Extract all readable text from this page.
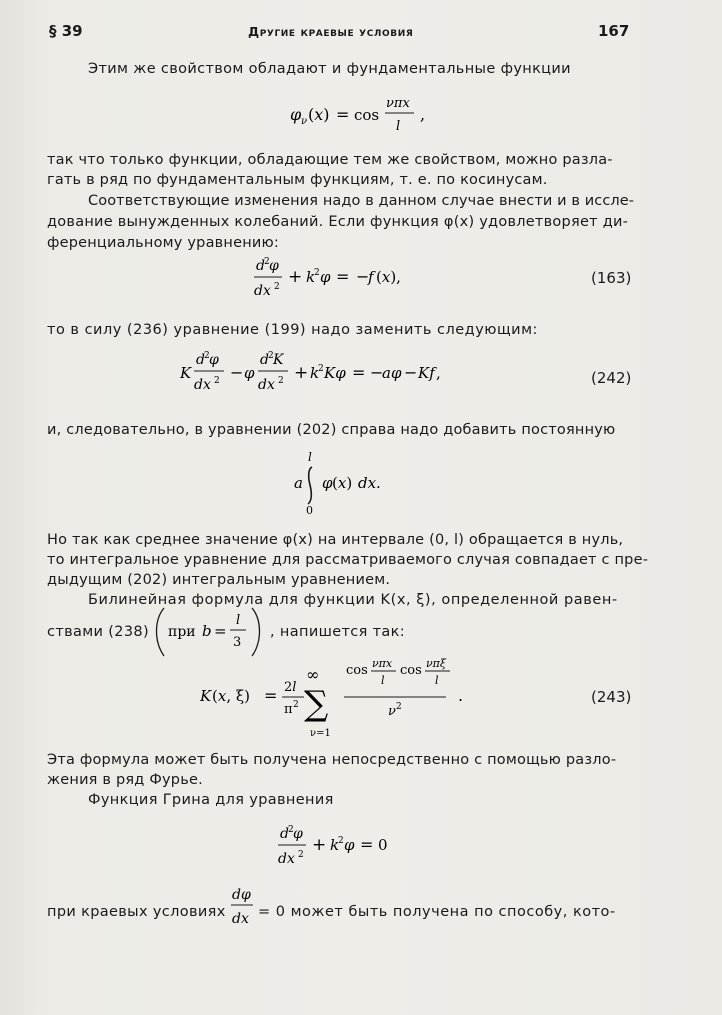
§ 39	Другие краевые условия	167
Этим же свойством обладают и фундаментальные функции
φ ν (x) = cos
νπx
l
,
так что только функции, обладающие тем же свойством, можно разла-
гать в ряд по фундаментальным функциям, т. е. по косинусам.
Соответствующие изменения надо в данном случае внести и в исслe-
дование вынужденных колебаний. Если функция φ(x) удовлетворяет ди-
ференциальному уравнению:
d 2 φ
dx 2 + k
2 φ = −
f (x),	(163)
то в силу (236) уравнение (199) надо заменить следующим:
K
d 2 φ
dx 2 − φ
d 2 K
dx 2 + k
2 Kφ = −
aφ − Kf ,	(242)
и, следовательно, в уравнении (202) справа надо добавить постоянную
l
a
0
φ (x) dx.
Но так как среднее значение φ(x) на интервале (0, l) обращается в нуль,
то интегральное уравнение для рассматриваемого случая совпадает с пре-
дыдущим (202) интегральным уравнением.
Билинейная формула для функции K(x, ξ), определенной равен-
ствами (238) при b =
l
3
, напишется так:
K (x, ξ) = 2l
π 2
∞
∑
ν=1
cos νπx
l
cos νπξ
l
ν 2
.	(243)
Эта формула может быть получена непосредственно с помощью разло-
жения в ряд Фурье.
Функция Грина для уравнения
d 2 φ
dx 2 + k
2 φ = 0
при краевых условиях
dφ
dx = 0 может быть получена по способу, кото-
